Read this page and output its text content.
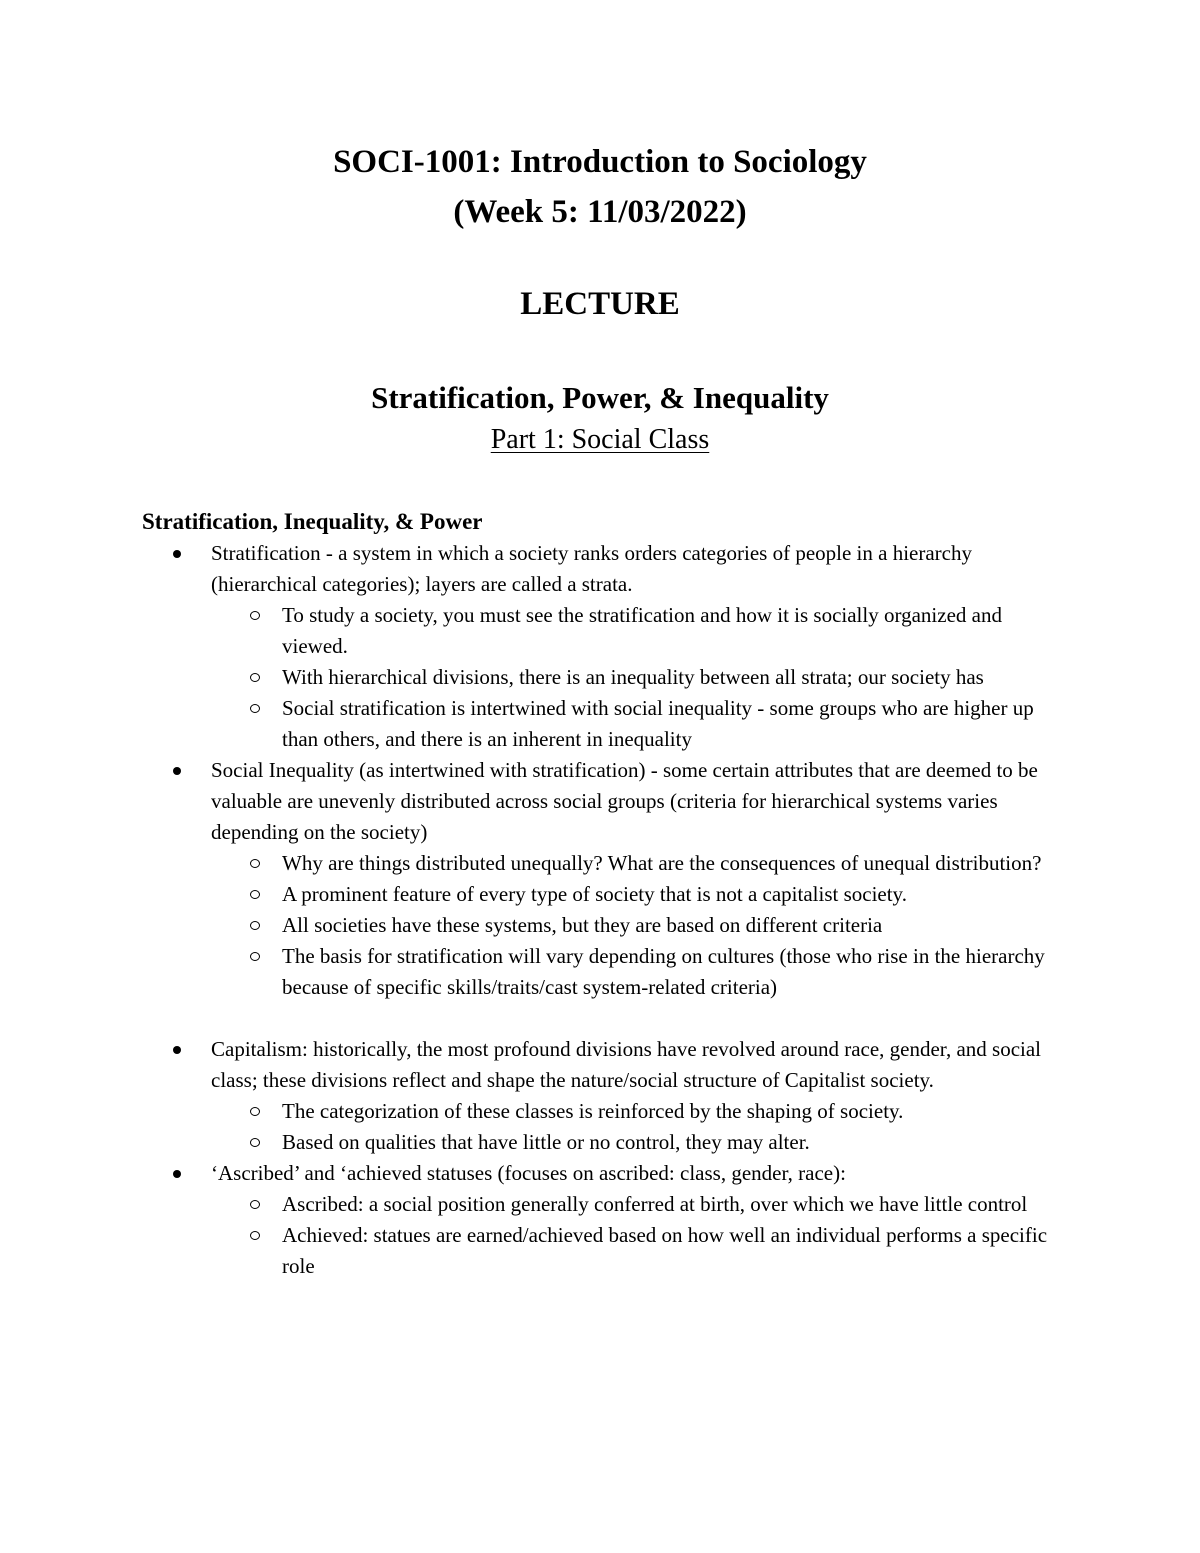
SOCI-1001: Introduction to Sociology
(Week 5: 11/03/2022)
LECTURE
Stratification, Power, & Inequality
Part 1: Social Class
Stratification, Inequality, & Power
Stratification - a system in which a society ranks orders categories of people in a hierarchy (hierarchical categories); layers are called a strata.
To study a society, you must see the stratification and how it is socially organized and viewed.
With hierarchical divisions, there is an inequality between all strata; our society has
Social stratification is intertwined with social inequality - some groups who are higher up than others, and there is an inherent in inequality
Social Inequality (as intertwined with stratification) - some certain attributes that are deemed to be valuable are unevenly distributed across social groups (criteria for hierarchical systems varies depending on the society)
Why are things distributed unequally? What are the consequences of unequal distribution?
A prominent feature of every type of society that is not a capitalist society.
All societies have these systems, but they are based on different criteria
The basis for stratification will vary depending on cultures (those who rise in the hierarchy because of specific skills/traits/cast system-related criteria)
Capitalism: historically, the most profound divisions have revolved around race, gender, and social class; these divisions reflect and shape the nature/social structure of Capitalist society.
The categorization of these classes is reinforced by the shaping of society.
Based on qualities that have little or no control, they may alter.
‘Ascribed’ and ‘achieved statuses (focuses on ascribed: class, gender, race):
Ascribed: a social position generally conferred at birth, over which we have little control
Achieved: statues are earned/achieved based on how well an individual performs a specific role
